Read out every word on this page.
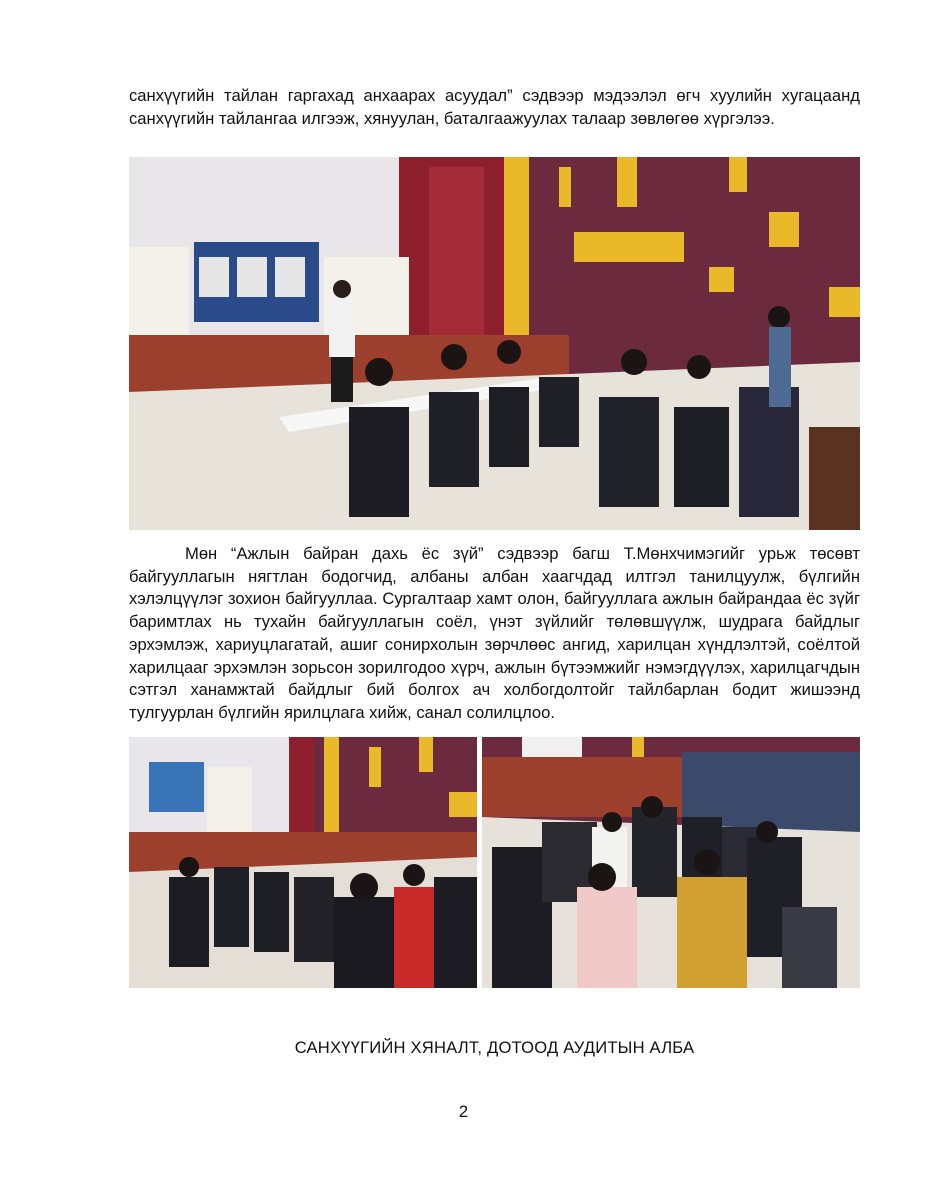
санхүүгийн тайлан гаргахад анхаарах асуудал” сэдвээр мэдээлэл өгч хуулийн хугацаанд санхүүгийн тайлангаа илгээж, хянуулан, баталгаажуулах талаар зөвлөгөө хүргэлээ.

Мөн “Ажлын байран дахь ёс зүй” сэдвээр багш Т.Мөнхчимэгийг урьж төсөвт байгууллагын нягтлан бодогчид, албаны албан хаагчдад илтгэл танилцуулж, бүлгийн хэлэлцүүлэг зохион байгууллаа. Сургалтаар хамт олон, байгууллага ажлын байрандаа ёс зүйг баримтлах нь тухайн байгууллагын соёл, үнэт зүйлийг төлөвшүүлж, шудрага байдлыг эрхэмлэж, хариуцлагатай, ашиг сонирхолын зөрчлөөс ангид, харилцан хүндлэлтэй, соёлтой харилцааг эрхэмлэн зорьсон зорилгодоо хүрч, ажлын бүтээмжийг нэмэгдүүлэх, харилцагчдын сэтгэл ханамжтай байдлыг бий болгох ач холбогдолтойг тайлбарлан бодит жишээнд тулгуурлан бүлгийн ярилцлага хийж, санал солилцлоо.

САНХҮҮГИЙН ХЯНАЛТ, ДОТООД АУДИТЫН АЛБА
2
